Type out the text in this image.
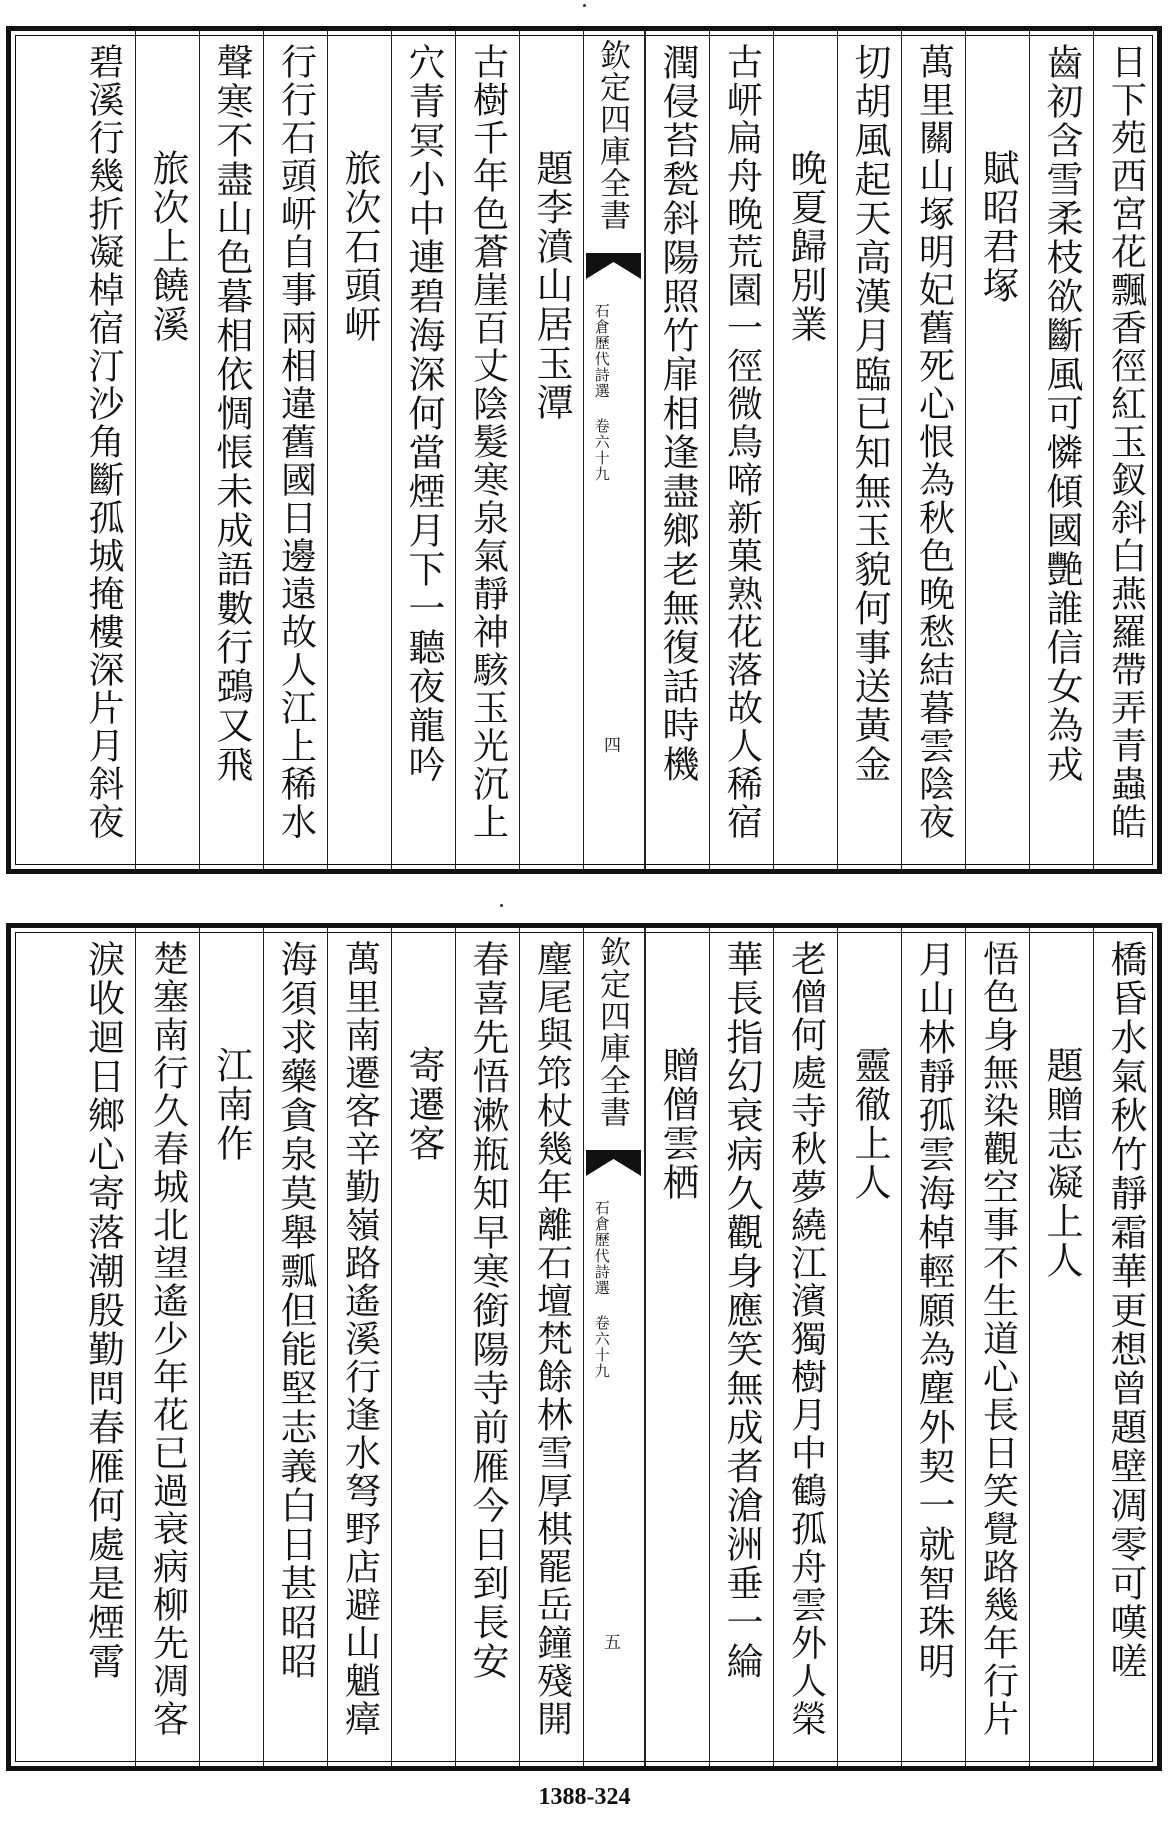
日下苑西宮花飄香徑紅玉釵斜白燕羅帶弄青蟲皓
齒初含雪柔枝欲斷風可憐傾國艷誰信女為戎
賦昭君塚
萬里關山塚明妃舊死心恨為秋色晚愁結暮雲陰夜
切胡風起天高漢月臨已知無玉貌何事送黃金
晚夏歸別業
古岍扁舟晚荒園一徑微鳥啼新菓熟花落故人稀宿
潤侵苔甃斜陽照竹扉相逢盡鄉老無復話時機
欽定四庫全書
石倉歷代詩選 卷六十九
四
題李濆山居玉潭
古樹千年色蒼崖百丈陰髮寒泉氣靜神駭玉光沉上
穴青冥小中連碧海深何當煙月下一聽夜龍吟
旅次石頭岍
行行石頭岍自事兩相違舊國日邊遠故人江上稀水
聲寒不盡山色暮相依惆悵未成語數行鵶又飛
旅次上饒溪
碧溪行幾折凝棹宿汀沙角斷孤城掩樓深片月斜夜
橋昏水氣秋竹靜霜華更想曾題壁凋零可嘆嗟
題贈志凝上人
悟色身無染觀空事不生道心長日笑覺路幾年行片
月山林靜孤雲海棹輕願為塵外契一就智珠明
靈徹上人
老僧何處寺秋夢繞江濱獨樹月中鶴孤舟雲外人榮
華長指幻衰病久觀身應笑無成者滄洲垂一綸
贈僧雲栖
欽定四庫全書
石倉歷代詩選 卷六十九
五
麈尾與筇杖幾年離石壇梵餘林雪厚棋罷岳鐘殘開
春喜先悟漱瓶知早寒銜陽寺前雁今日到長安
寄遷客
萬里南遷客辛勤嶺路遙溪行逢水弩野店避山魈瘴
海須求藥貪泉莫舉瓢但能堅志義白日甚昭昭
江南作
楚塞南行久春城北望遙少年花已過衰病柳先凋客
淚收迴日鄉心寄落潮殷勤問春雁何處是煙霄
1388-324
